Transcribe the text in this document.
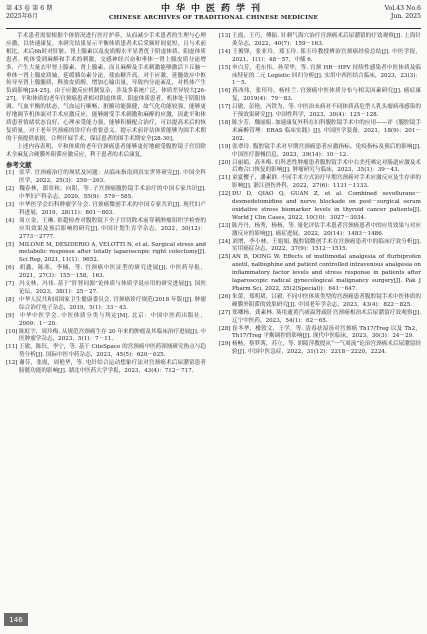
第 43 卷 第 6 期
2025年6月
中华中医药学刊
CHINESE ARCHIVES OF TRADITIONAL CHINESE MEDICINE
Vol.43 No.6
Jun. 2025

手术患者需要根据个体情况进行医疗护养，从而减少手术患者的生理与心理应激，以快速康复。本研究结果显示平衡体质患者术后采频时间更短，且与术前相比，术后6h时对肝脏、肾上腺素以及皮质醇水平显著优于阴虚体质、阳虚体质患者。机体受到麻醉和手术的刺激，交感神经兴奋和垂体一肾上腺皮质分泌增多，产生大量去甲肾上腺素、肾上腺素，而且麻醉及手术刺激能够激活下丘脑一垂体一肾上腺皮质轴，延缓胰岛素分泌，使血糖升高。对于应激，延髓效应中枢传导至肾上腺髓质，释放皮质醇，增加心输出量，导致内分泌紊乱，对机体产生负面影响[24-25]。由于应激反应机制复杂，涉及多系统广泛，体质差异较大[26-27]。平和体质的老年宫颈癌患者相对阴虚体质、阳虚体质患者，机体处于阴阳协调、气血平衡的状态，气血运行顺畅，脏腑功能强健，故气化功能较强，能够更好地调节机体面对手术应激反应，能够耐受手术刺激和麻醉的应激，因此平和体质患者情绪状态良好、心理承受能力强，能够积极配合治疗，可以提高术后的恢复质量，对于老年宫颈癌的诊疗有重要意义。提示术前评估体质能够为围手术期的干预提供依据，合理开展手术，保证患者的围手术期安全[28-30]。

上述内容表明，平和体质的老年宫颈癌患者能够更好地耐受腹腔镜子宫切除术全麻复合硬膜外阻滞应激反应，利于患者的术后康复。

参考文献

[1] 张苹. 宫颈癌治疗的现状及问题：从临床指南到真实世界研究[J]. 中国全科医学，2022，25(3)：259－263.

[2] 魏春林，郎景和，向阳，等. 子宫颈癌腹腔镜手术治疗的中国专家共识[J]. 中华妇产科杂志，2020，55(9)：579－585.

[3] 中华医学会妇科肿瘤学分会. 宫颈癌微创手术的中国专家共识[J]. 现代妇产科进展，2019，28(11)：801－803.

[4] 周立金，王琳. 彩超检查对腹腔镜下全子宫切除术前穿刺肿瘤组织学检查的应用效果及预后影响的研究[J]. 中国计划生育学杂志，2022，30(12)：2773－2777.

[5] MILONE M, DESIDERIO A, VELOTTI N, et al. Surgical stress and metabolic response after totally laparoscopic right colectomy[J]. Sci Rep, 2021, 11(1)：9652.

[6] 胡鑫，陈寒，李楠，等. 宫颈癌中医证型的研究进展[J]. 中医药导报，2021，27(3)：155－158，163.

[7] 冯文林，冯伟. 基于“肝肾同源”论体质与体质学说应用的研究进展[J]. 国医论坛，2023，38(1)：25－27.

[8] 中华人民共和国国家卫生健康委员会. 宫颈癌诊疗规范(2018 年版)[J]. 肿瘤综合治疗电子杂志，2019，5(1)：33－43.

[9] 中华中医学会. 中医体质分类与判定[M]. 北京：中国中医药出版社，2009：1－20.

[10] 陈虹宇，周玲梅. 从规范宫颈癌生存 20 年来的肿瘤及其临床治疗进展[J]. 中医肿瘤学杂志，2023，5(1)：7－11.

[11] 王敏，陈钰，李宁，等. 基于 CiteSpace 的宫颈癌中医药领域研究热点与趋势分析[J]. 国际中医中药杂志，2023，45(5)：620－625.

[12] 谢芬，张霞，周艳华，等. 电针结合运动想象疗法对宫颈癌术后尿潴留患者膀胱功能的影响[J]. 湖北中医药大学学报，2023，43(4)：712－717.

[13] 王霞，王巧，傅振. 针刺气海穴治疗宫颈癌术后尿潴留的疗效观察[J]. 上海针灸杂志，2022，40(7)：159－163.

[14] 王俊锋，张亚玲，郑玉玲. 郑玉玲教授辨治宫颈癌经验总结[J]. 中医学报，2021，1(1)：48－57，中插 6.

[15] 申白芳，毛东伟，孙荣华，等. 宫颈 HR－HPV 持续性感染者中医体质及临床特征的二元 Logistic 回归分析[J]. 实用中西医结合临床，2023，23(3)：1－5.

[16] 蒋西伟，张珪玲，杨桂兰. 宫颈癌中医体质分布与相关因素研究[J]. 癌症康复，2019(4)：79－83.

[17] 吕敏，彭艳，冯铁为，等. 中医治未病对不同体质高危型人乳头瘤病毒感染的干预效果研究[J]. 中国性科学，2023，30(4)：125－128.

[18] 陈少芳，魏丽娟. 加速康复外科在妇科腹腔镜手术中的应用——评《腹腔镜手术麻醉管理：ERAS 临床实践》[J]. 中国医学装备，2021，18(9)：201－202.

[19] 张翠玲. 腹腔镜手术对早期宫颈癌患者应激指标、免疫指标及预后的影响[J]. 中国医疗器械信息，2023，39(14)：10－12.

[20] 吕丽娟，高冬梅. 妇科恶性肿瘤患者腹腔镜手术中右美托咪定对肠道应激及术后吻合口恢复的影响[J]. 肿瘤研究与临床，2023，35(1)：39－43.

[21] 童夏樱子，潘素群. 不同手术方式治疗早期宫颈癌对手术应激反应及生存率的影响[J]. 浙江创伤外科，2022，27(6)：1131－1133.

[22] DU D, QIAO Q, GUAN Z, et al. Combined sevoflurane－dexmedetomidine and nerve blockade on post－surgical serum oxidative stress biomarker levels in thyroid cancer patients[J]. World J Clin Cases, 2022, 10(10)：3027－3034.

[23] 陈丹丹，杨秀，杨杨，等. 量化评估手术患者宫颈癌患者中的应用效果与对应激反应的影响[J]. 癌症进展，2022，20(14)：1483－1486.

[24] 刘增，李小林，王娟娟. 腹腔镜微创手术在宫颈癌患者中的临床疗效分析[J]. 实用癌症杂志，2022，37(9)：1512－1515.

[25] AN B, DONG W. Effects of multimodal analgesia of flurbiprofen axetil, nalbuphine and patient controlled intravenous analgesia on inflammatory factor levels and stress response in patients after laparoscopic radical gynecological malignancy surgery[J]. Pak J Pharm Sci, 2022, 35(2(Special))：641－647.

[26] 朱蕾，郑明珺，吕毅. 不同中医体质类型的宫颈癌患者腹腔镜手术中医体质的硬膜外阻滞的效果研究[J]. 中国老年学杂志，2023，43(4)：822－825.

[27] 郑卿杨，龚素林. 葵用通黄汽痰温肾疏肝宫颈癌根治术后尿潴留疗效观察[J]. 辽宁中医药，2023，54(1)：62－65.

[28] 崔冬华，楼敦文，王学，等. 清毒祛湿汤对宫颈癌 Th17/Treg 以及 Th2，Th17/Treg 平衡调控的影响[J]. 现代中医临床，2023，30(3)：24－29.

[29] 杨畅，蔡梦茜，苏立，等. 胡陵萍教授从“一气周流”论治宫颈癌术后尿潴留经验[J]. 中国中医急症，2022，31(12)：2218－2220，2224.

146
